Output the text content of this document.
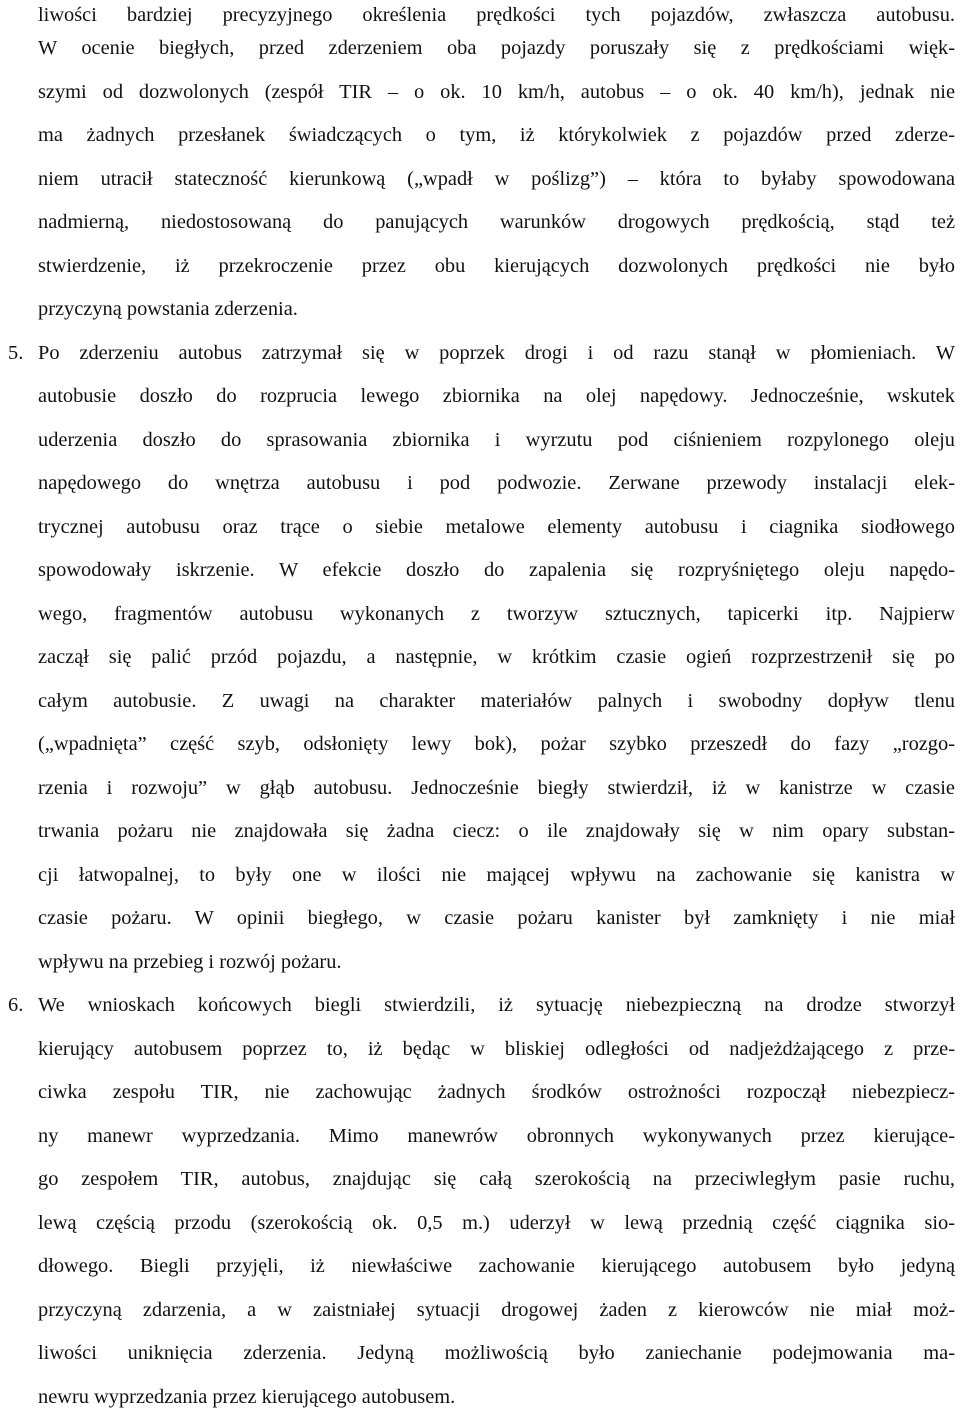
liwości bardziej precyzyjnego określenia prędkości tych pojazdów, zwłaszcza autobusu.
W ocenie biegłych, przed zderzeniem oba pojazdy poruszały się z prędkościami więk-
szymi od dozwolonych (zespół TIR – o ok. 10 km/h, autobus – o ok. 40 km/h), jednak nie
ma żadnych przesłanek świadczących o tym, iż którykolwiek z pojazdów przed zderze-
niem utracił stateczność kierunkową („wpadł w poślizg”) – która to byłaby spowodowana
nadmierną, niedostosowaną do panujących warunków drogowych prędkością, stąd też
stwierdzenie, iż przekroczenie przez obu kierujących dozwolonych prędkości nie było
przyczyną powstania zderzenia.
5. Po zderzeniu autobus zatrzymał się w poprzek drogi i od razu stanął w płomieniach. W
autobusie doszło do rozprucia lewego zbiornika na olej napędowy. Jednocześnie, wskutek
uderzenia doszło do sprasowania zbiornika i wyrzutu pod ciśnieniem rozpylonego oleju
napędowego do wnętrza autobusu i pod podwozie. Zerwane przewody instalacji elek-
trycznej autobusu oraz trące o siebie metalowe elementy autobusu i ciagnika siodłowego
spowodowały iskrzenie. W efekcie doszło do zapalenia się rozpryśniętego oleju napędo-
wego, fragmentów autobusu wykonanych z tworzyw sztucznych, tapicerki itp. Najpierw
zaczął się palić przód pojazdu, a następnie, w krótkim czasie ogień rozprzestrzenił się po
całym autobusie. Z uwagi na charakter materiałów palnych i swobodny dopływ tlenu
(„wpadnięta” część szyb, odsłonięty lewy bok), pożar szybko przeszedł do fazy „rozgo-
rzenia i rozwoju” w głąb autobusu. Jednocześnie biegły stwierdził, iż w kanistrze w czasie
trwania pożaru nie znajdowała się żadna ciecz: o ile znajdowały się w nim opary substan-
cji łatwopalnej, to były one w ilości nie mającej wpływu na zachowanie się kanistra w
czasie pożaru. W opinii biegłego, w czasie pożaru kanister był zamknięty i nie miał
wpływu na przebieg i rozwój pożaru.
6. We wnioskach końcowych biegli stwierdzili, iż sytuację niebezpieczną na drodze stworzył
kierujący autobusem poprzez to, iż będąc w bliskiej odległości od nadjeżdżającego z prze-
ciwka zespołu TIR, nie zachowując żadnych środków ostrożności rozpoczął niebezpiecz-
ny manewr wyprzedzania. Mimo manewrów obronnych wykonywanych przez kierujące-
go zespołem TIR, autobus, znajdując się całą szerokością na przeciwległym pasie ruchu,
lewą częścią przodu (szerokością ok. 0,5 m.) uderzył w lewą przednią część ciągnika sio-
dłowego. Biegli przyjęli, iż niewłaściwe zachowanie kierującego autobusem było jedyną
przyczyną zdarzenia, a w zaistniałej sytuacji drogowej żaden z kierowców nie miał moż-
liwości uniknięcia zderzenia. Jedyną możliwością było zaniechanie podejmowania ma-
newru wyprzedzania przez kierującego autobusem.
